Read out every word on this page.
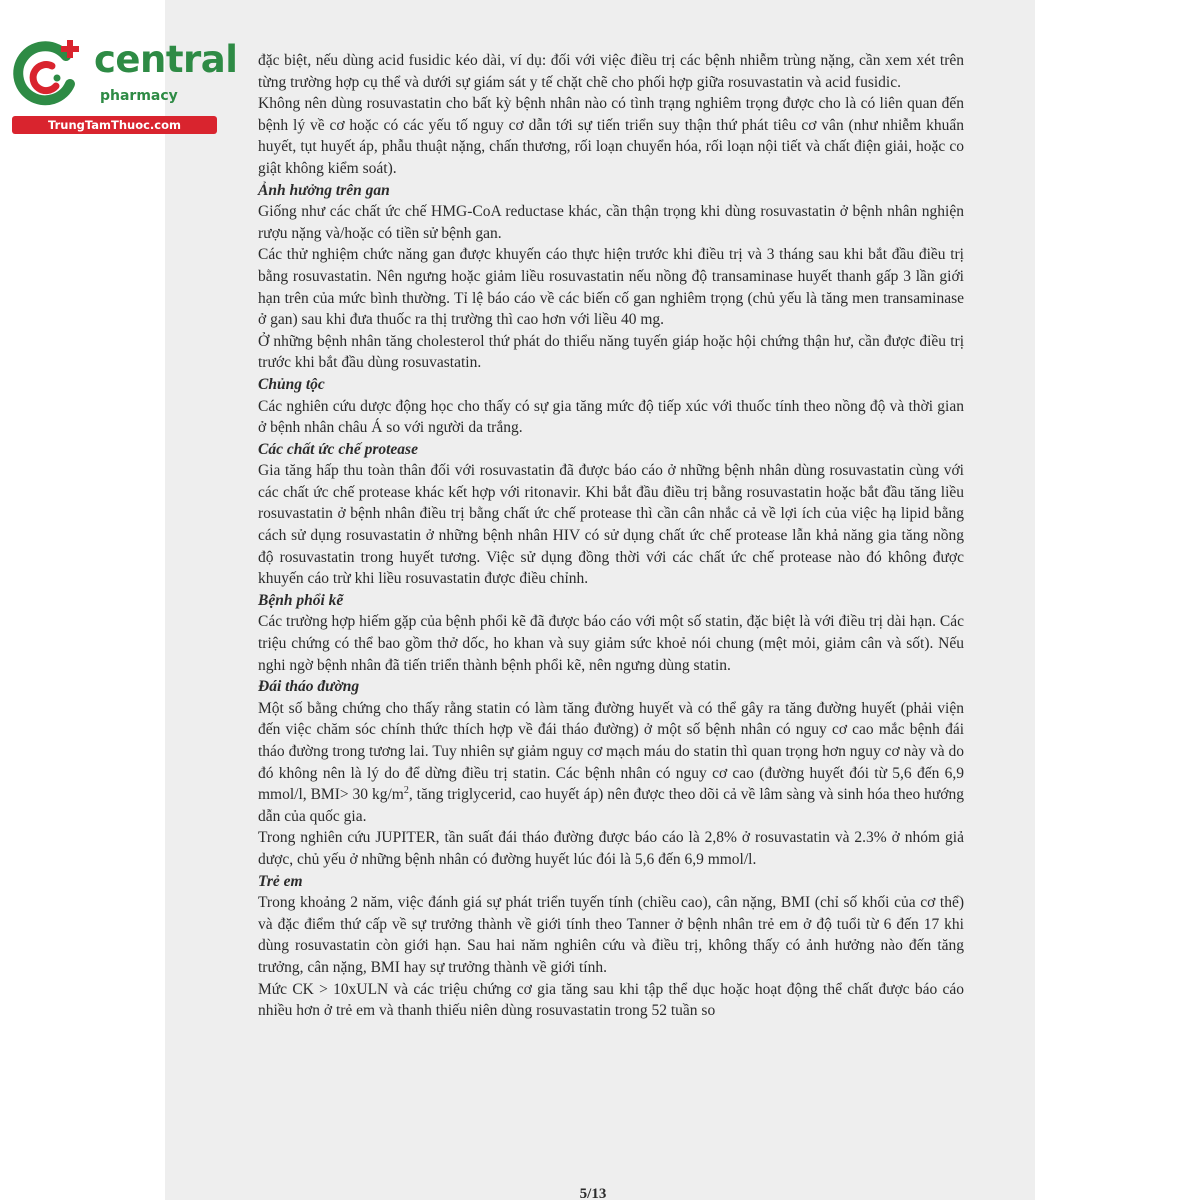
central
pharmacy
TrungTamThuoc.com

đặc biệt, nếu dùng acid fusidic kéo dài, ví dụ: đối với việc điều trị các bệnh nhiễm trùng nặng, cần xem xét trên từng trường hợp cụ thể và dưới sự giám sát y tế chặt chẽ cho phối hợp giữa rosuvastatin và acid fusidic.

Không nên dùng rosuvastatin cho bất kỳ bệnh nhân nào có tình trạng nghiêm trọng được cho là có liên quan đến bệnh lý về cơ hoặc có các yếu tố nguy cơ dẫn tới sự tiến triển suy thận thứ phát tiêu cơ vân (như nhiễm khuẩn huyết, tụt huyết áp, phẫu thuật nặng, chấn thương, rối loạn chuyển hóa, rối loạn nội tiết và chất điện giải, hoặc co giật không kiểm soát).

Ảnh hưởng trên gan

Giống như các chất ức chế HMG-CoA reductase khác, cần thận trọng khi dùng rosuvastatin ở bệnh nhân nghiện rượu nặng và/hoặc có tiền sử bệnh gan.

Các thử nghiệm chức năng gan được khuyến cáo thực hiện trước khi điều trị và 3 tháng sau khi bắt đầu điều trị bằng rosuvastatin. Nên ngưng hoặc giảm liều rosuvastatin nếu nồng độ transaminase huyết thanh gấp 3 lần giới hạn trên của mức bình thường. Tỉ lệ báo cáo về các biến cố gan nghiêm trọng (chủ yếu là tăng men transaminase ở gan) sau khi đưa thuốc ra thị trường thì cao hơn với liều 40 mg.

Ở những bệnh nhân tăng cholesterol thứ phát do thiểu năng tuyến giáp hoặc hội chứng thận hư, cần được điều trị trước khi bắt đầu dùng rosuvastatin.

Chủng tộc

Các nghiên cứu dược động học cho thấy có sự gia tăng mức độ tiếp xúc với thuốc tính theo nồng độ và thời gian ở bệnh nhân châu Á so với người da trắng.

Các chất ức chế protease

Gia tăng hấp thu toàn thân đối với rosuvastatin đã được báo cáo ở những bệnh nhân dùng rosuvastatin cùng với các chất ức chế protease khác kết hợp với ritonavir. Khi bắt đầu điều trị bằng rosuvastatin hoặc bắt đầu tăng liều rosuvastatin ở bệnh nhân điều trị bằng chất ức chế protease thì cần cân nhắc cả về lợi ích của việc hạ lipid bằng cách sử dụng rosuvastatin ở những bệnh nhân HIV có sử dụng chất ức chế protease lẫn khả năng gia tăng nồng độ rosuvastatin trong huyết tương. Việc sử dụng đồng thời với các chất ức chế protease nào đó không được khuyến cáo trừ khi liều rosuvastatin được điều chỉnh.

Bệnh phổi kẽ

Các trường hợp hiếm gặp của bệnh phổi kẽ đã được báo cáo với một số statin, đặc biệt là với điều trị dài hạn. Các triệu chứng có thể bao gồm thở dốc, ho khan và suy giảm sức khoẻ nói chung (mệt mỏi, giảm cân và sốt). Nếu nghi ngờ bệnh nhân đã tiến triển thành bệnh phổi kẽ, nên ngưng dùng statin.

Đái tháo đường

Một số bằng chứng cho thấy rằng statin có làm tăng đường huyết và có thể gây ra tăng đường huyết (phải viện đến việc chăm sóc chính thức thích hợp về đái tháo đường) ở một số bệnh nhân có nguy cơ cao mắc bệnh đái tháo đường trong tương lai. Tuy nhiên sự giảm nguy cơ mạch máu do statin thì quan trọng hơn nguy cơ này và do đó không nên là lý do để dừng điều trị statin. Các bệnh nhân có nguy cơ cao (đường huyết đói từ 5,6 đến 6,9 mmol/l, BMI> 30 $kg/m^2$, tăng triglycerid, cao huyết áp) nên được theo dõi cả về lâm sàng và sinh hóa theo hướng dẫn của quốc gia.

Trong nghiên cứu JUPITER, tần suất đái tháo đường được báo cáo là 2,8% ở rosuvastatin và 2.3% ở nhóm giả dược, chủ yếu ở những bệnh nhân có đường huyết lúc đói là 5,6 đến 6,9 mmol/l.

Trẻ em

Trong khoảng 2 năm, việc đánh giá sự phát triển tuyến tính (chiều cao), cân nặng, BMI (chỉ số khối của cơ thể) và đặc điểm thứ cấp về sự trưởng thành về giới tính theo Tanner ở bệnh nhân trẻ em ở độ tuổi từ 6 đến 17 khi dùng rosuvastatin còn giới hạn. Sau hai năm nghiên cứu và điều trị, không thấy có ảnh hưởng nào đến tăng trưởng, cân nặng, BMI hay sự trưởng thành về giới tính.

Mức CK > 10xULN và các triệu chứng cơ gia tăng sau khi tập thể dục hoặc hoạt động thể chất được báo cáo nhiều hơn ở trẻ em và thanh thiếu niên dùng rosuvastatin trong 52 tuần so

5/13
